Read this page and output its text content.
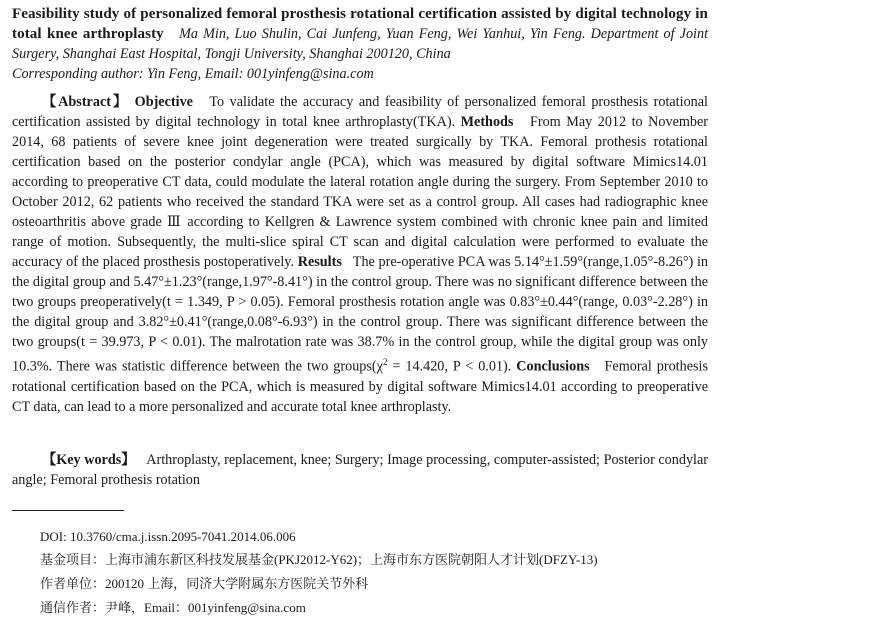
Feasibility study of personalized femoral prosthesis rotational certification assisted by digital technology in total knee arthroplasty Ma Min, Luo Shulin, Cai Junfeng, Yuan Feng, Wei Yanhui, Yin Feng. Department of Joint Surgery, Shanghai East Hospital, Tongji University, Shanghai 200120, China
Corresponding author: Yin Feng, Email: 001yinfeng@sina.com

【Abstract】 Objective To validate the accuracy and feasibility of personalized femoral prosthesis rotational certification assisted by digital technology in total knee arthroplasty(TKA). Methods From May 2012 to November 2014, 68 patients of severe knee joint degeneration were treated surgically by TKA. Femoral prothesis rotational certification based on the posterior condylar angle (PCA), which was measured by digital software Mimics14.01 according to preoperative CT data, could modulate the lateral rotation angle during the surgery. From September 2010 to October 2012, 62 patients who received the standard TKA were set as a control group. All cases had radiographic knee osteoarthritis above grade Ⅲ according to Kellgren & Lawrence system combined with chronic knee pain and limited range of motion. Subsequently, the multi-slice spiral CT scan and digital calculation were performed to evaluate the accuracy of the placed prosthesis postoperatively. Results The pre-operative PCA was 5.14°±1.59°(range,1.05°-8.26°) in the digital group and 5.47°±1.23°(range,1.97°-8.41°) in the control group. There was no significant difference between the two groups preoperatively(t = 1.349, P > 0.05). Femoral prosthesis rotation angle was 0.83°±0.44°(range, 0.03°-2.28°) in the digital group and 3.82°±0.41°(range,0.08°-6.93°) in the control group. There was significant difference between the two groups(t = 39.973, P < 0.01). The malrotation rate was 38.7% in the control group, while the digital group was only 10.3%. There was statistic difference between the two $groups(\chi^2 = 14.420$, P < 0.01). Conclusions Femoral prothesis rotational certification based on the PCA, which is measured by digital software Mimics14.01 according to preoperative CT data, can lead to a more personalized and accurate total knee arthroplasty.

【Key words】 Arthroplasty, replacement, knee; Surgery; Image processing, computer-assisted; Posterior condylar angle; Femoral prothesis rotation

DOI: 10.3760/cma.j.issn.2095-7041.2014.06.006
基金项目：上海市浦东新区科技发展基金(PKJ2012-Y62)；上海市东方医院朝阳人才计划(DFZY-13)
作者单位：200120 上海，同济大学附属东方医院关节外科
通信作者：尹峰，Email：001yinfeng@sina.com
